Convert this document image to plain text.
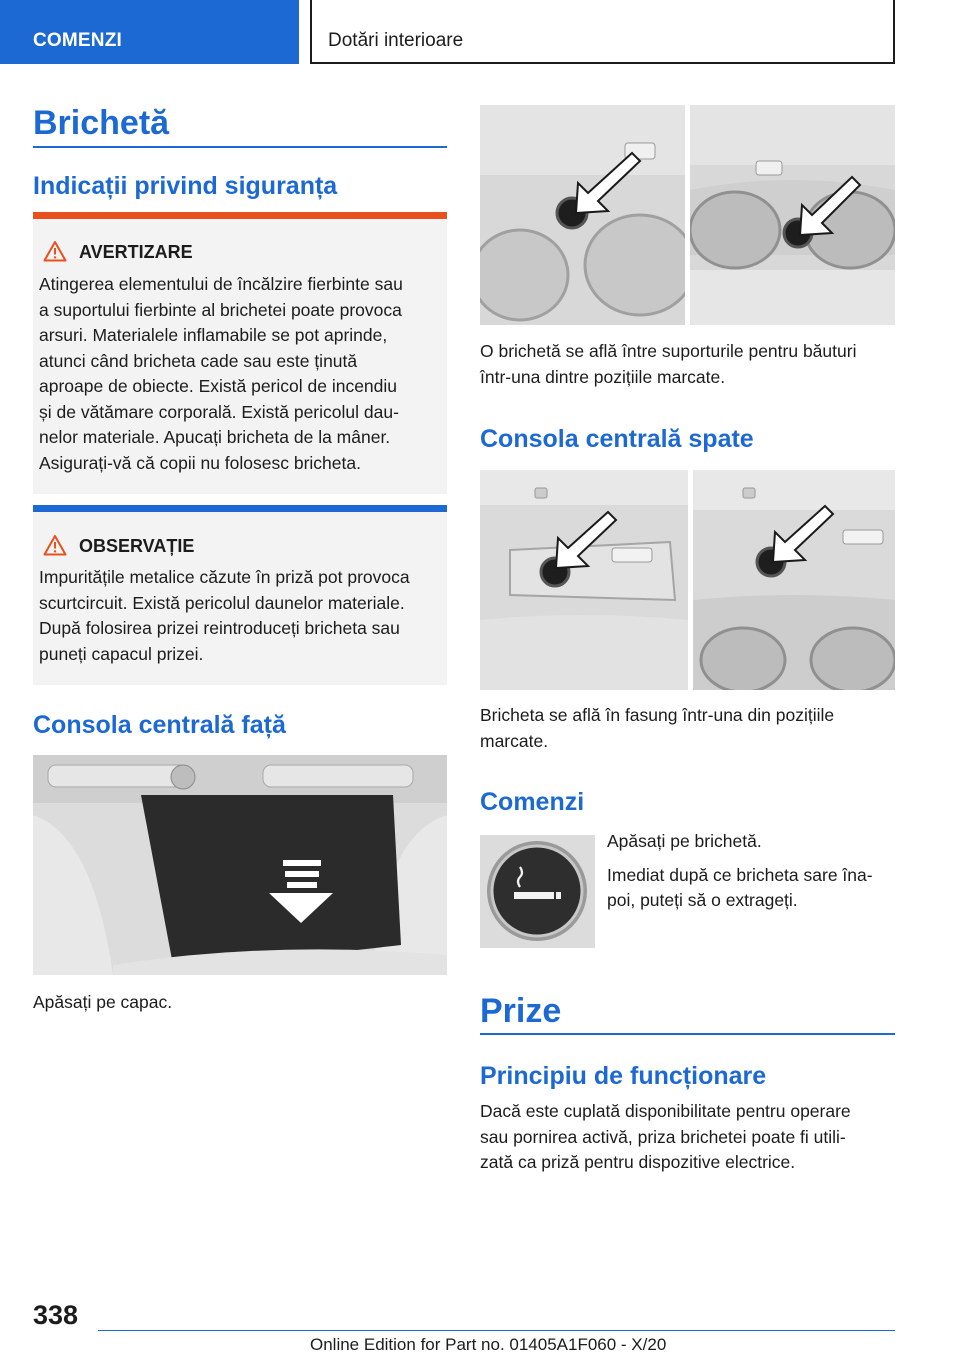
COMENZI	Dotări interioare
Brichetă
Indicații privind siguranța
AVERTIZARE
Atingerea elementului de încălzire fierbinte sau
a suportului fierbinte al brichetei poate provoca
arsuri. Materialele inflamabile se pot aprinde,
atunci când bricheta cade sau este ținută
aproape de obiecte. Există pericol de incendiu
și de vătămare corporală. Există pericolul dau-
nelor materiale. Apucați bricheta de la mâner.
Asigurați-vă că copii nu folosesc bricheta.
OBSERVAȚIE
Impuritățile metalice căzute în priză pot provoca
scurtcircuit. Există pericolul daunelor materiale.
După folosirea prizei reintroduceți bricheta sau
puneți capacul prizei.
Consola centrală față
Apăsați pe capac.
O brichetă se află între suporturile pentru băuturi
într-una dintre pozițiile marcate.
Consola centrală spate
Bricheta se află în fasung într-una din pozițiile
marcate.
Comenzi
Apăsați pe brichetă.
Imediat după ce bricheta sare îna-
poi, puteți să o extrageți.
Prize
Principiu de funcționare
Dacă este cuplată disponibilitate pentru operare
sau pornirea activă, priza brichetei poate fi utili-
zată ca priză pentru dispozitive electrice.
338
Online Edition for Part no. 01405A1F060 - X/20
